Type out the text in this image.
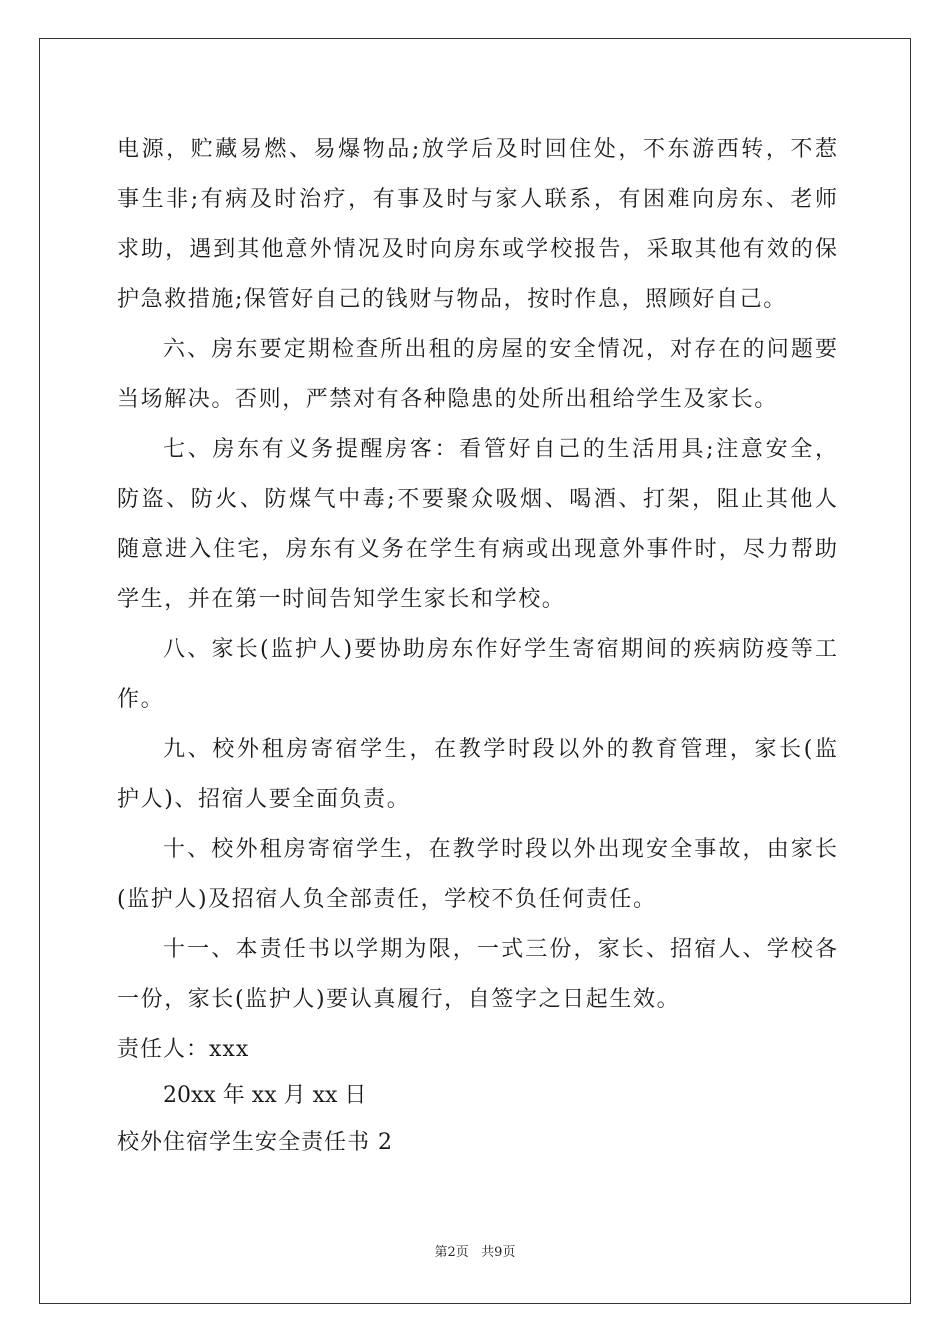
电源，贮藏易燃、易爆物品;放学后及时回住处，不东游西转，不惹
事生非;有病及时治疗，有事及时与家人联系，有困难向房东、老师
求助，遇到其他意外情况及时向房东或学校报告，采取其他有效的保
护急救措施;保管好自己的钱财与物品，按时作息，照顾好自己。
六、房东要定期检查所出租的房屋的安全情况，对存在的问题要
当场解决。否则，严禁对有各种隐患的处所出租给学生及家长。
七、房东有义务提醒房客：看管好自己的生活用具;注意安全，
防盗、防火、防煤气中毒;不要聚众吸烟、喝酒、打架，阻止其他人
随意进入住宅，房东有义务在学生有病或出现意外事件时，尽力帮助
学生，并在第一时间告知学生家长和学校。
八、家长(监护人)要协助房东作好学生寄宿期间的疾病防疫等工
作。
九、校外租房寄宿学生，在教学时段以外的教育管理，家长(监
护人)、招宿人要全面负责。
十、校外租房寄宿学生，在教学时段以外出现安全事故，由家长
(监护人)及招宿人负全部责任，学校不负任何责任。
十一、本责任书以学期为限，一式三份，家长、招宿人、学校各
一份，家长(监护人)要认真履行，自签字之日起生效。
责任人：xxx
20xx 年 xx 月 xx 日
校外住宿学生安全责任书 2
第2页   共9页
